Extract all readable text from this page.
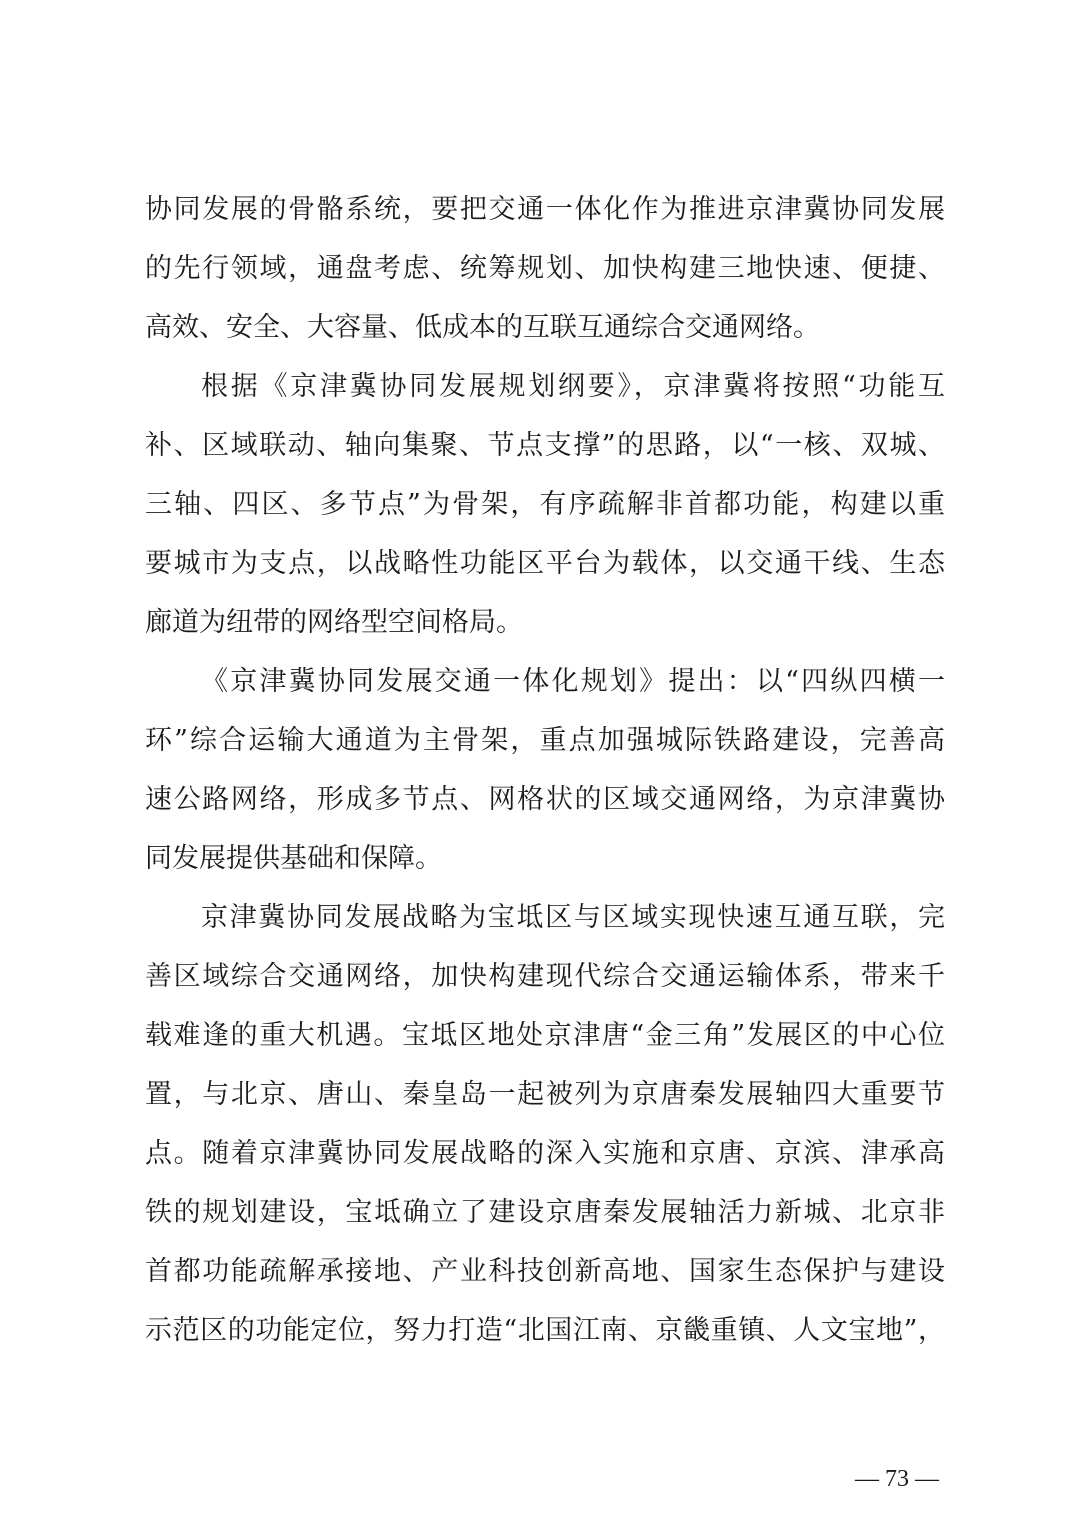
协同发展的骨骼系统，要把交通一体化作为推进京津冀协同发展
的先行领域，通盘考虑、统筹规划、加快构建三地快速、便捷、
高效、安全、大容量、低成本的互联互通综合交通网络。
根据《京津冀协同发展规划纲要》，京津冀将按照“功能互
补、区域联动、轴向集聚、节点支撑”的思路，以“一核、双城、
三轴、四区、多节点”为骨架，有序疏解非首都功能，构建以重
要城市为支点，以战略性功能区平台为载体，以交通干线、生态
廊道为纽带的网络型空间格局。
《京津冀协同发展交通一体化规划》提出：以“四纵四横一
环”综合运输大通道为主骨架，重点加强城际铁路建设，完善高
速公路网络，形成多节点、网格状的区域交通网络，为京津冀协
同发展提供基础和保障。
京津冀协同发展战略为宝坻区与区域实现快速互通互联，完
善区域综合交通网络，加快构建现代综合交通运输体系，带来千
载难逢的重大机遇。宝坻区地处京津唐“金三角”发展区的中心位
置，与北京、唐山、秦皇岛一起被列为京唐秦发展轴四大重要节
点。随着京津冀协同发展战略的深入实施和京唐、京滨、津承高
铁的规划建设，宝坻确立了建设京唐秦发展轴活力新城、北京非
首都功能疏解承接地、产业科技创新高地、国家生态保护与建设
示范区的功能定位，努力打造“北国江南、京畿重镇、人文宝地”，
— 73 —
